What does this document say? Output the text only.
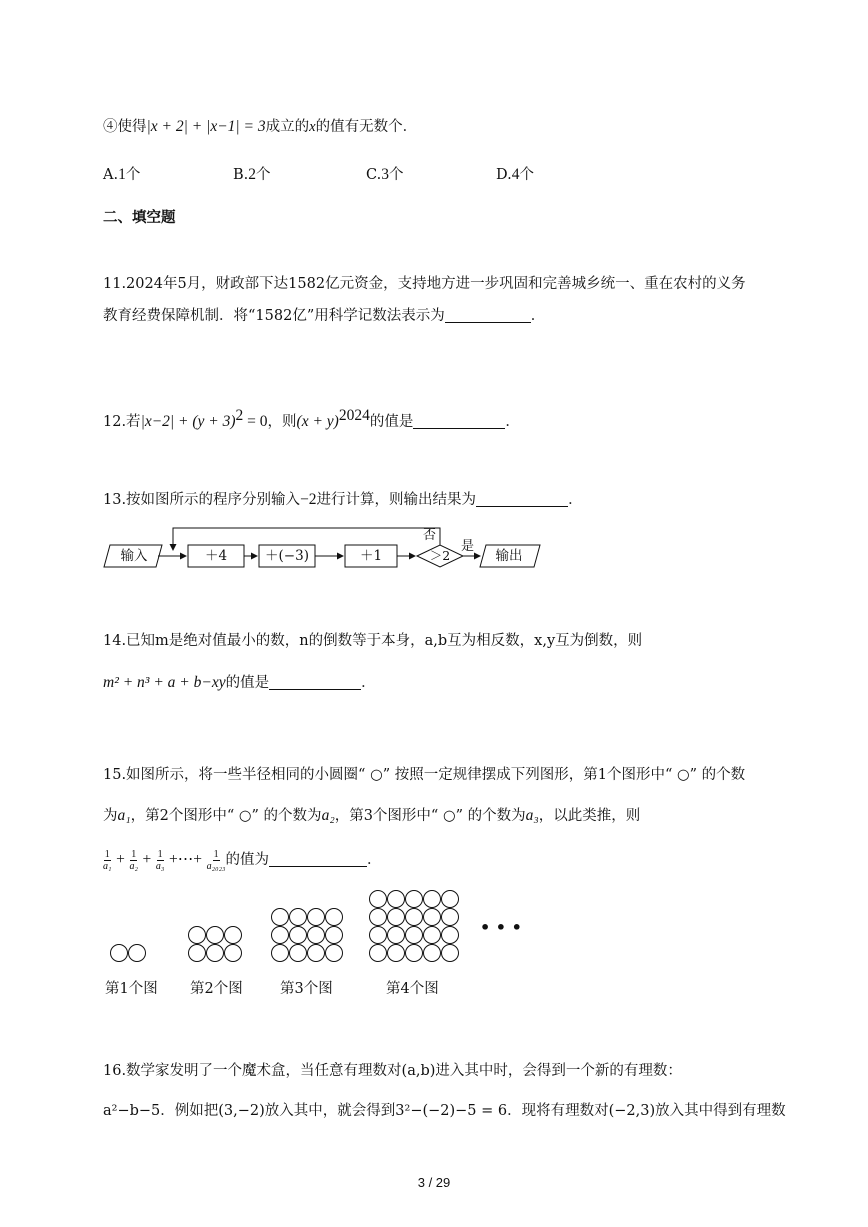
④使得|x + 2| + |x−1| = 3成立的x的值有无数个．
A.1个	B.2个	C.3个	D.4个
二、填空题
11.2024年5月，财政部下达1582亿元资金，支持地方进一步巩固和完善城乡统一、重在农村的义务
教育经费保障机制．将“1582亿”用科学记数法表示为	．
12.若$|x-2| + (y + 3)^2 = 0$，则$(x + y)^{2024}$的值是	．
13.按如图所示的程序分别输入−2进行计算，则输出结果为	．
输入	＋4	＋(−3)	＋1	＞2	输出
否
是
14.已知m是绝对值最小的数，n的倒数等于本身，a,b互为相反数，x,y互为倒数，则
m² + n³ + a + b−xy的值是	．
15.如图所示，将一些半径相同的小圆圈“ ○” 按照一定规律摆成下列图形，第1个图形中“ ○” 的个数
为a₁，第2个图形中“ ○” 的个数为a₂，第3个图形中“ ○” 的个数为a₃，以此类推，则
$\frac{1}{\text{a₁}} + \frac{1}{\text{a₂}} + \frac{1}{\text{a₃}}$ +⋯+ $\frac{1}{\text{a₂₀₂₃}}$ 的值为	．
第1个图 第2个图	第3个图	第4个图
• • •
16.数学家发明了一个魔术盒，当任意有理数对(a,b)进入其中时，会得到一个新的有理数：
a²−b−5．例如把(3,−2)放入其中，就会得到3²−(−2)−5 = 6．现将有理数对(−2,3)放入其中得到有理数
3 / 29
